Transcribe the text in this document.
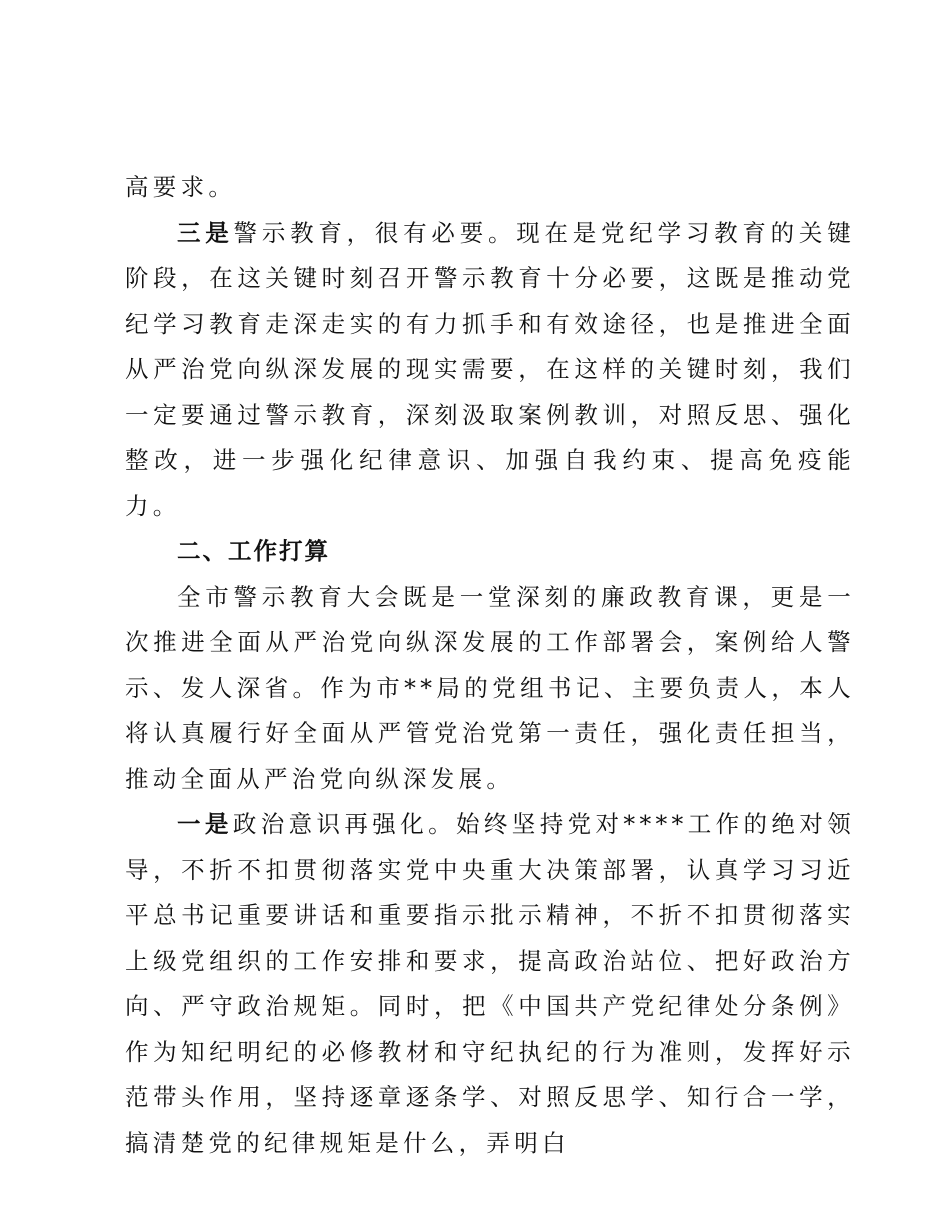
高要求。

三是警示教育，很有必要。现在是党纪学习教育的关键阶段，在这关键时刻召开警示教育十分必要，这既是推动党纪学习教育走深走实的有力抓手和有效途径，也是推进全面从严治党向纵深发展的现实需要，在这样的关键时刻，我们一定要通过警示教育，深刻汲取案例教训，对照反思、强化整改，进一步强化纪律意识、加强自我约束、提高免疫能力。

二、工作打算

全市警示教育大会既是一堂深刻的廉政教育课，更是一次推进全面从严治党向纵深发展的工作部署会，案例给人警示、发人深省。作为市**局的党组书记、主要负责人，本人将认真履行好全面从严管党治党第一责任，强化责任担当，推动全面从严治党向纵深发展。

一是政治意识再强化。始终坚持党对****工作的绝对领导，不折不扣贯彻落实党中央重大决策部署，认真学习习近平总书记重要讲话和重要指示批示精神，不折不扣贯彻落实上级党组织的工作安排和要求，提高政治站位、把好政治方向、严守政治规矩。同时，把《中国共产党纪律处分条例》作为知纪明纪的必修教材和守纪执纪的行为准则，发挥好示范带头作用，坚持逐章逐条学、对照反思学、知行合一学，搞清楚党的纪律规矩是什么，弄明白
